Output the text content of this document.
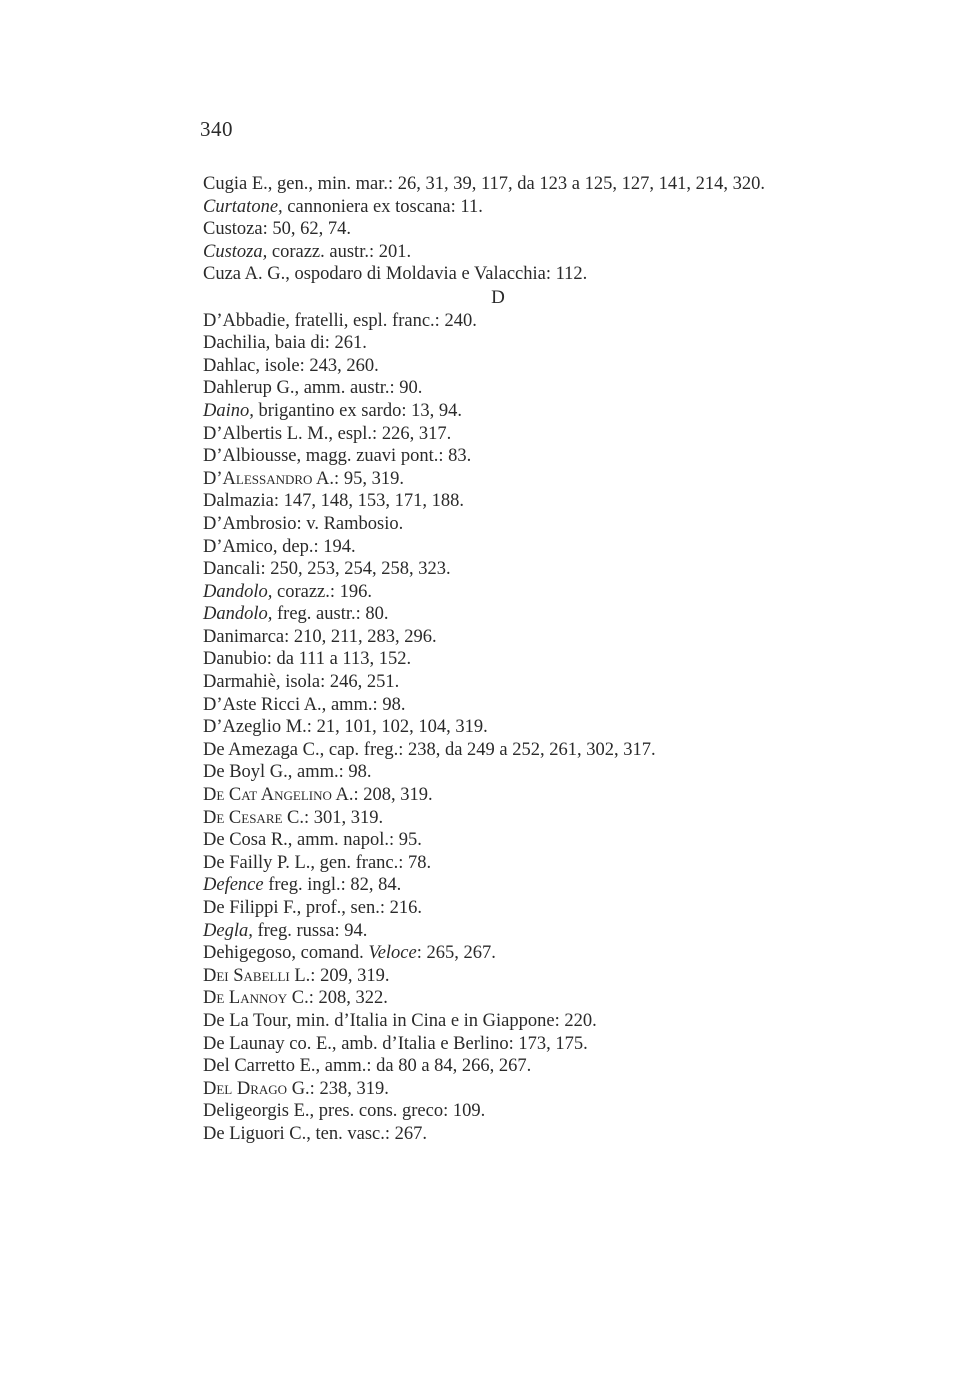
340
Cugia E., gen., min. mar.: 26, 31, 39, 117, da 123 a 125, 127, 141, 214, 320.
Curtatone, cannoniera ex toscana: 11.
Custoza: 50, 62, 74.
Custoza, corazz. austr.: 201.
Cuza A. G., ospodaro di Moldavia e Valacchia: 112.
D
D’Abbadie, fratelli, espl. franc.: 240.
Dachilia, baia di: 261.
Dahlac, isole: 243, 260.
Dahlerup G., amm. austr.: 90.
Daino, brigantino ex sardo: 13, 94.
D’Albertis L. M., espl.: 226, 317.
D’Albiousse, magg. zuavi pont.: 83.
D’Alessandro A.: 95, 319.
Dalmazia: 147, 148, 153, 171, 188.
D’Ambrosio: v. Rambosio.
D’Amico, dep.: 194.
Dancali: 250, 253, 254, 258, 323.
Dandolo, corazz.: 196.
Dandolo, freg. austr.: 80.
Danimarca: 210, 211, 283, 296.
Danubio: da 111 a 113, 152.
Darmahiè, isola: 246, 251.
D’Aste Ricci A., amm.: 98.
D’Azeglio M.: 21, 101, 102, 104, 319.
De Amezaga C., cap. freg.: 238, da 249 a 252, 261, 302, 317.
De Boyl G., amm.: 98.
De Cat Angelino A.: 208, 319.
De Cesare C.: 301, 319.
De Cosa R., amm. napol.: 95.
De Failly P. L., gen. franc.: 78.
Defence freg. ingl.: 82, 84.
De Filippi F., prof., sen.: 216.
Degla, freg. russa: 94.
Dehigegoso, comand. Veloce: 265, 267.
Dei Sabelli L.: 209, 319.
De Lannoy C.: 208, 322.
De La Tour, min. d’Italia in Cina e in Giappone: 220.
De Launay co. E., amb. d’Italia e Berlino: 173, 175.
Del Carretto E., amm.: da 80 a 84, 266, 267.
Del Drago G.: 238, 319.
Deligeorgis E., pres. cons. greco: 109.
De Liguori C., ten. vasc.: 267.
